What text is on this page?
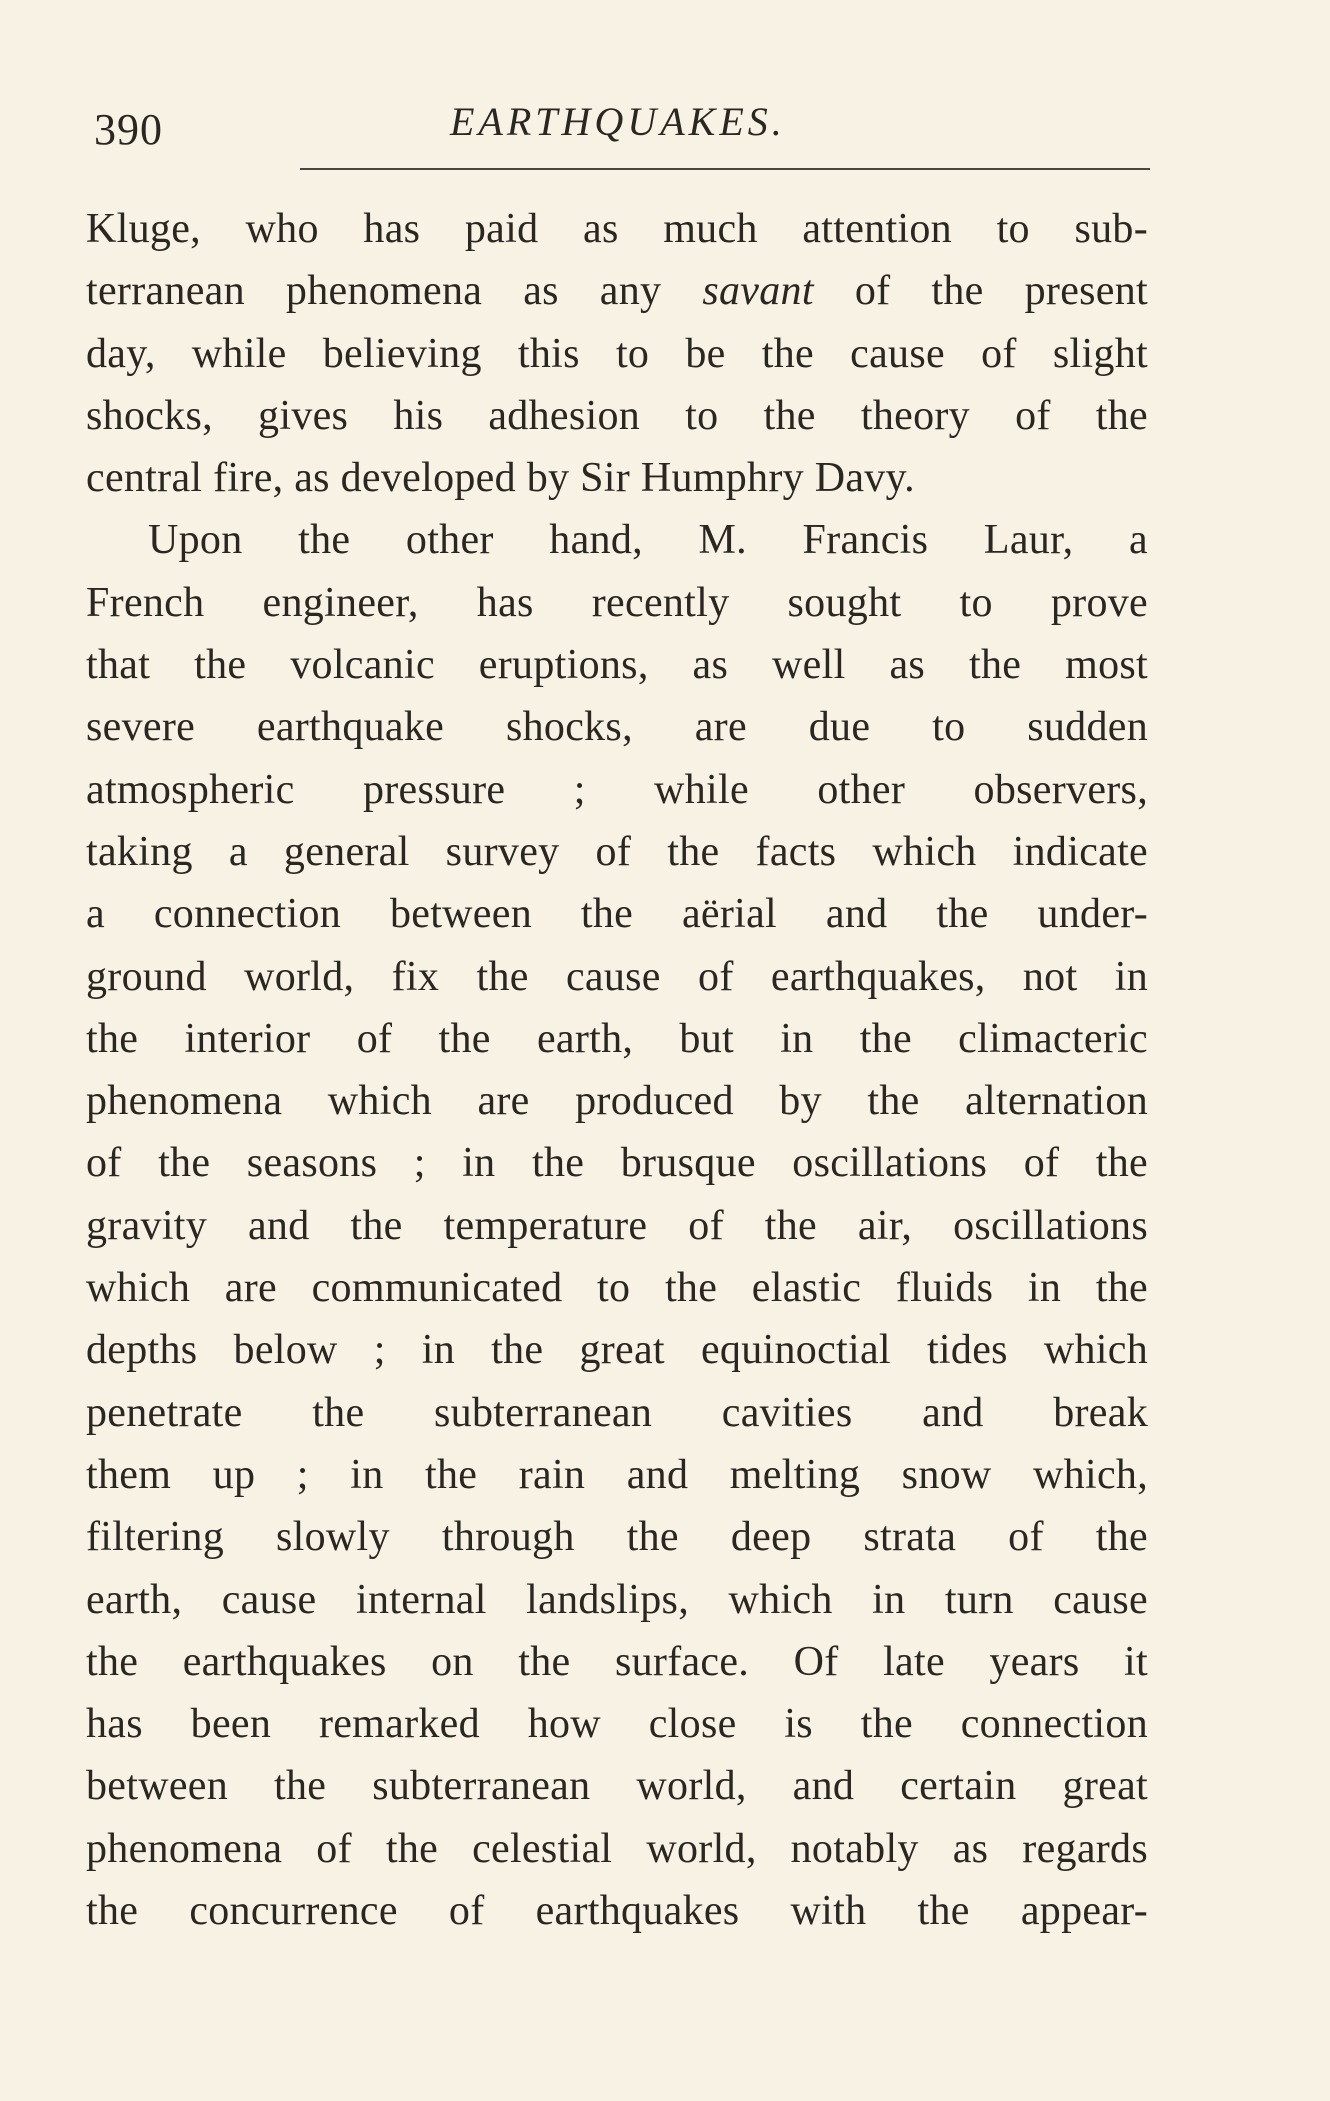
390	EARTHQUAKES.
Kluge, who has paid as much attention to sub-
terranean phenomena as any savant of the present
day, while believing this to be the cause of slight
shocks, gives his adhesion to the theory of the
central fire, as developed by Sir Humphry Davy.
Upon the other hand, M. Francis Laur, a
French engineer, has recently sought to prove
that the volcanic eruptions, as well as the most
severe earthquake shocks, are due to sudden
atmospheric pressure ; while other observers,
taking a general survey of the facts which indicate
a connection between the aërial and the under-
ground world, fix the cause of earthquakes, not in
the interior of the earth, but in the climacteric
phenomena which are produced by the alternation
of the seasons ; in the brusque oscillations of the
gravity and the temperature of the air, oscillations
which are communicated to the elastic fluids in the
depths below ; in the great equinoctial tides which
penetrate the subterranean cavities and break
them up ; in the rain and melting snow which,
filtering slowly through the deep strata of the
earth, cause internal landslips, which in turn cause
the earthquakes on the surface. Of late years it
has been remarked how close is the connection
between the subterranean world, and certain great
phenomena of the celestial world, notably as regards
the concurrence of earthquakes with the appear-
